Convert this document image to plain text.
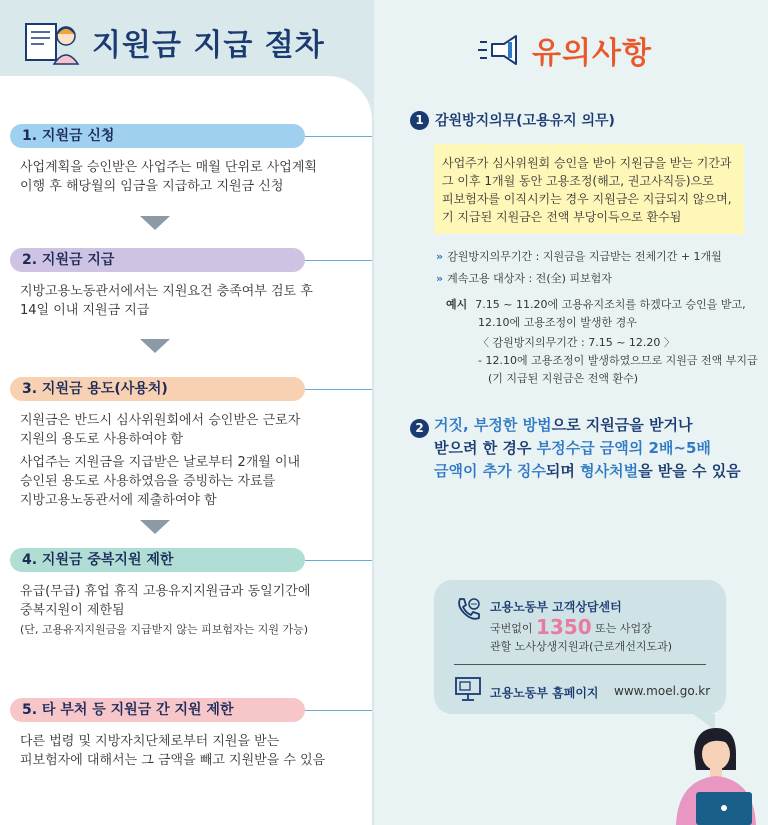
지원금 지급 절차	유의사항
1. 지원금 신청
사업계획을 승인받은 사업주는 매월 단위로 사업계획
이행 후 해당월의 임금을 지급하고 지원금 신청
2. 지원금 지급
지방고용노동관서에서는 지원요건 충족여부 검토 후
14일 이내 지원금 지급
3. 지원금 용도(사용처)

지원금은 반드시 심사위원회에서 승인받은 근로자
지원의 용도로 사용하여야 함

사업주는 지원금을 지급받은 날로부터 2개월 이내
승인된 용도로 사용하였음을 증빙하는 자료를
지방고용노동관서에 제출하여야 함

4. 지원금 중복지원 제한
유급(무급) 휴업 휴직 고용유지지원금과 동일기간에
중복지원이 제한됨
(단, 고용유지지원금을 지급받지 않는 피보험자는 지원 가능)
5. 타 부처 등 지원금 간 지원 제한
다른 법령 및 지방자치단체로부터 지원을 받는
피보험자에 대해서는 그 금액을 빼고 지원받을 수 있음
1 감원방지의무(고용유지 의무)
사업주가 심사위원회 승인을 받아 지원금을 받는 기간과
그 이후 1개월 동안 고용조정(해고, 권고사직등)으로
피보험자를 이직시키는 경우 지원금은 지급되지 않으며,
기 지급된 지원금은 전액 부당이득으로 환수됨
» 감원방지의무기간 : 지원금을 지급받는 전체기간 + 1개월
» 계속고용 대상자 : 전(全) 피보험자
예시 7.15 ~ 11.20에 고용유지조치를 하겠다고 승인을 받고,
12.10에 고용조정이 발생한 경우
〈 감원방지의무기간 : 7.15 ~ 12.20 〉
- 12.10에 고용조정이 발생하였으므로 지원금 전액 부지급
(기 지급된 지원금은 전액 환수)
2 거짓, 부정한 방법으로 지원금을 받거나
받으려 한 경우 부정수급 금액의 2배~5배
금액이 추가 징수되며 형사처벌을 받을 수 있음
고용노동부 고객상담센터
국번없이 1350 또는 사업장
관할 노사상생지원과(근로개선지도과)
고용노동부 홈페이지 www.moel.go.kr
